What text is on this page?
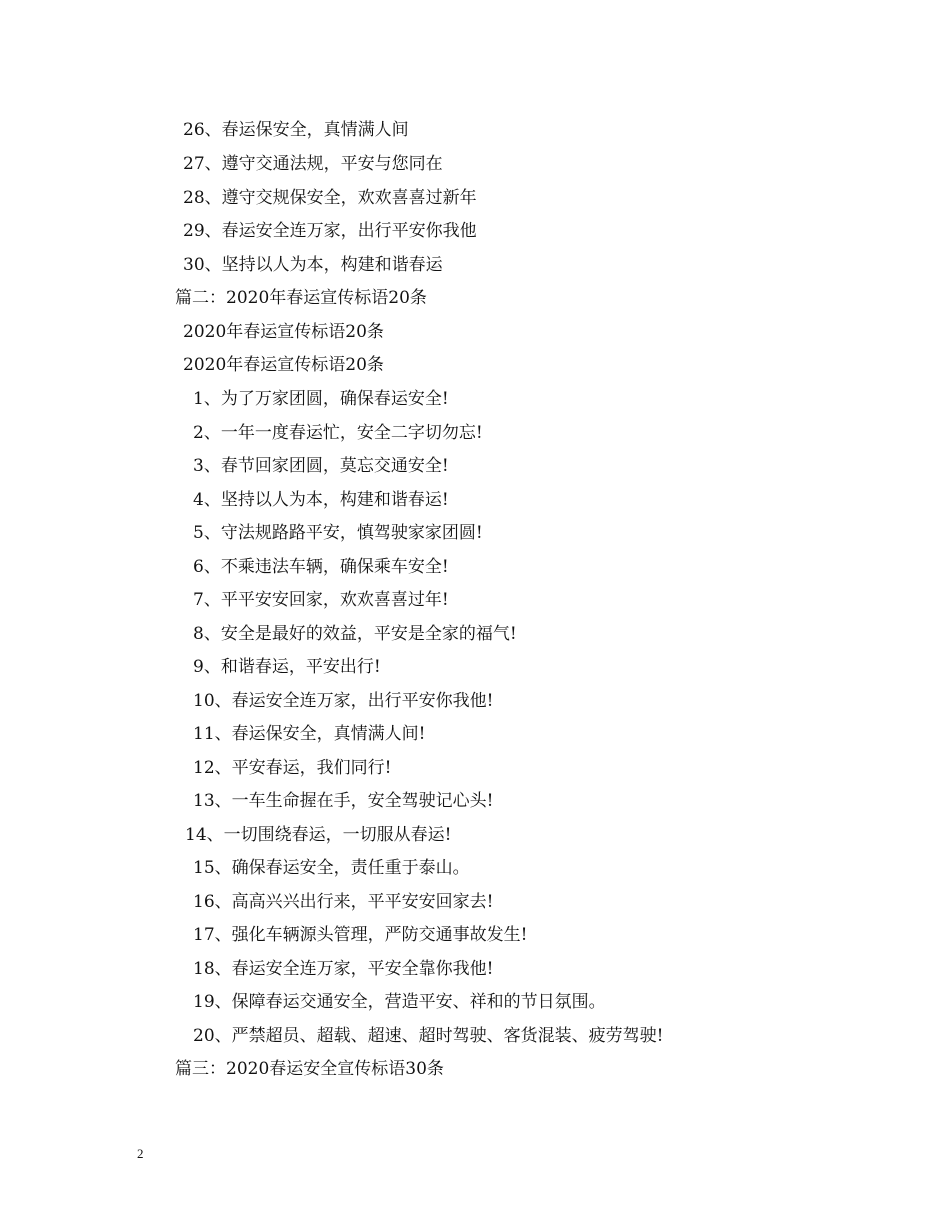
26、春运保安全，真情满人间
27、遵守交通法规，平安与您同在
28、遵守交规保安全，欢欢喜喜过新年
29、春运安全连万家，出行平安你我他
30、坚持以人为本，构建和谐春运
篇二：2020年春运宣传标语20条
2020年春运宣传标语20条
2020年春运宣传标语20条
1、为了万家团圆，确保春运安全!
2、一年一度春运忙，安全二字切勿忘!
3、春节回家团圆，莫忘交通安全!
4、坚持以人为本，构建和谐春运!
5、守法规路路平安，慎驾驶家家团圆!
6、不乘违法车辆，确保乘车安全!
7、平平安安回家，欢欢喜喜过年!
8、安全是最好的效益，平安是全家的福气!
9、和谐春运，平安出行!
10、春运安全连万家，出行平安你我他!
11、春运保安全，真情满人间!
12、平安春运，我们同行!
13、一车生命握在手，安全驾驶记心头!
14、一切围绕春运，一切服从春运!
15、确保春运安全，责任重于泰山。
16、高高兴兴出行来，平平安安回家去!
17、强化车辆源头管理，严防交通事故发生!
18、春运安全连万家，平安全靠你我他!
19、保障春运交通安全，营造平安、祥和的节日氛围。
20、严禁超员、超载、超速、超时驾驶、客货混装、疲劳驾驶!
篇三：2020春运安全宣传标语30条
2
